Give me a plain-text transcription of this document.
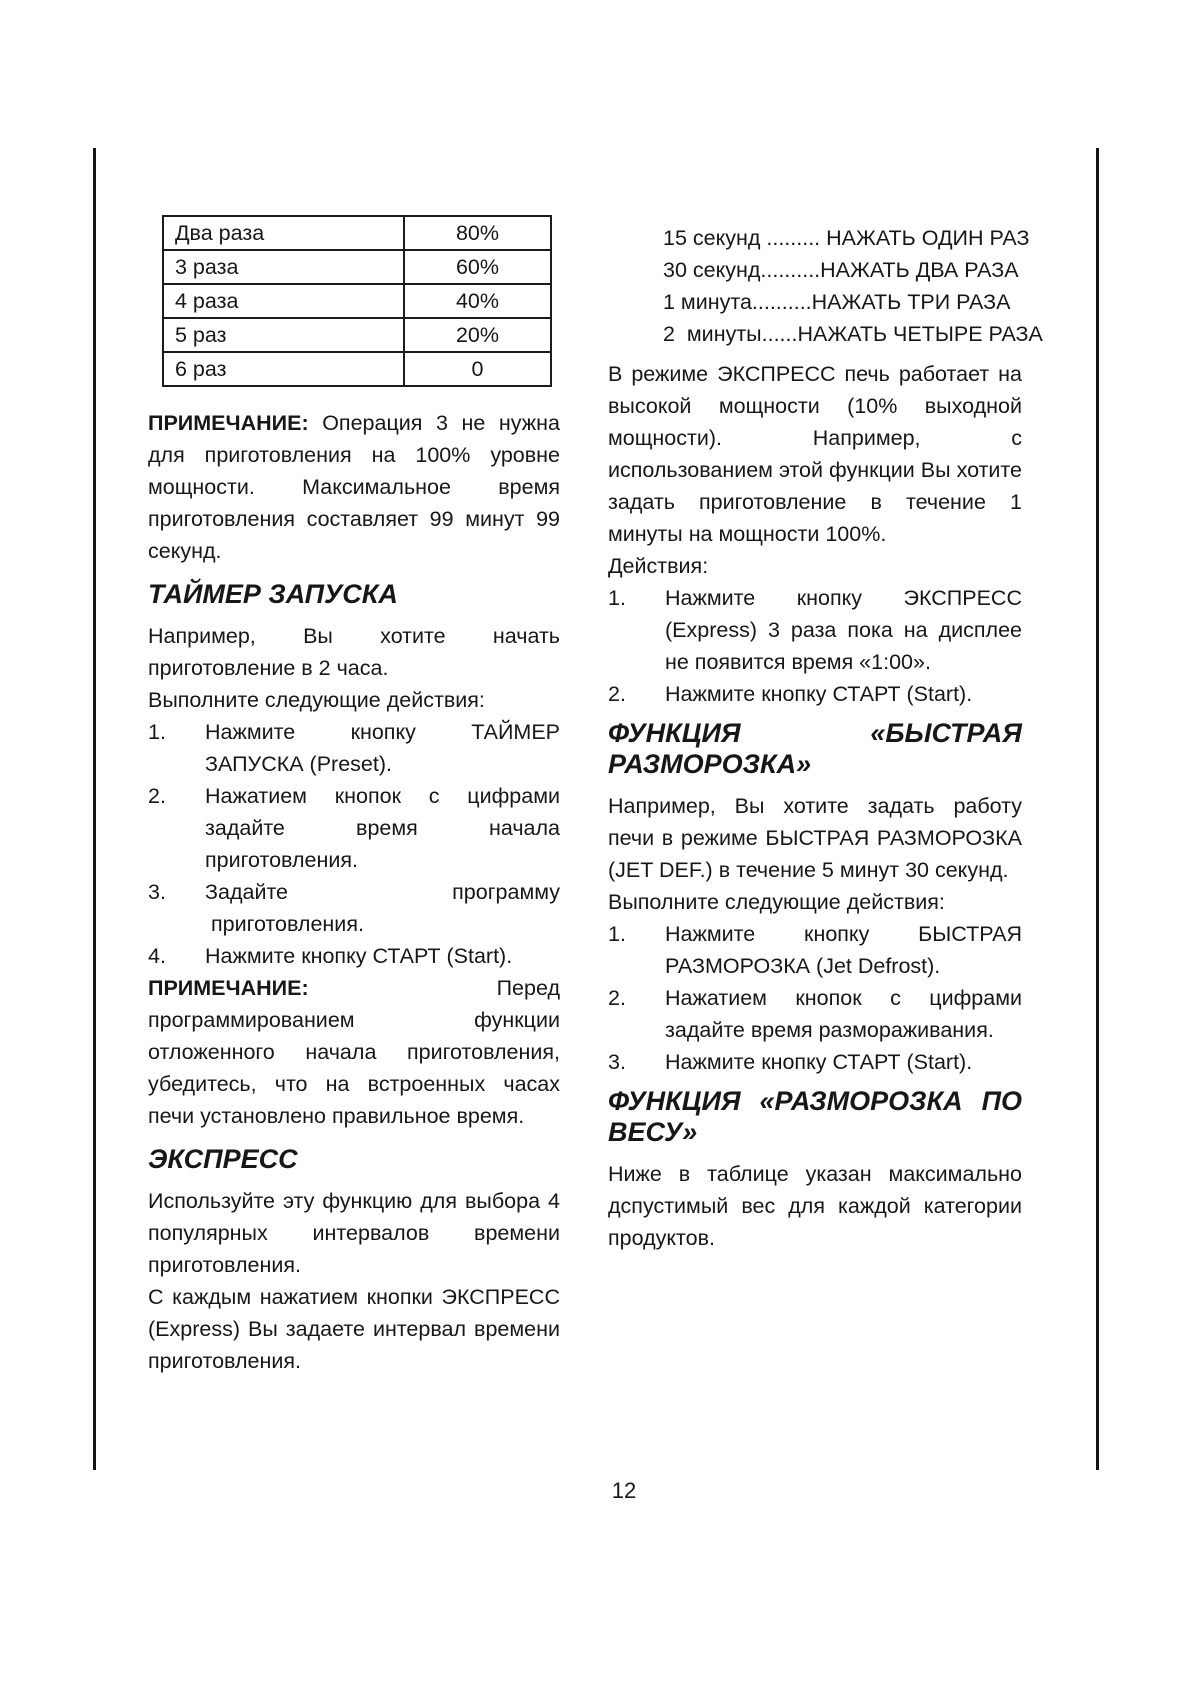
Два раза	80%
3 раза	60%
4 раза	40%
5 раз	20%
6 раз	0

ПРИМЕЧАНИЕ: Операция 3 не нужна для приготовления на 100% уровне мощности. Максимальное время приготовления составляет 99 минут 99 секунд.

ТАЙМЕР ЗАПУСКА

Например, Вы хотите начать приготовление в 2 часа.

Выполните следующие действия:

1. Нажмите кнопку ТАЙМЕР ЗАПУСКА (Preset).
2. Нажатием кнопок с цифрами задайте время начала приготовления.
3. Задайте программу  приготовления.
4. Нажмите кнопку СТАРТ (Start).

ПРИМЕЧАНИЕ:	Перед программированием функции отложенного начала приготовления, убедитесь, что на встроенных часах печи установлено правильное время.

ЭКСПРЕСС

Используйте эту функцию для выбора 4 популярных интервалов времени приготовления.

С каждым нажатием кнопки ЭКСПРЕСС (Express) Вы задаете интервал времени приготовления.

15 секунд ......... НАЖАТЬ ОДИН РАЗ
30 секунд..........НАЖАТЬ ДВА РАЗА
1 минута..........НАЖАТЬ ТРИ РАЗА
2  минуты......НАЖАТЬ ЧЕТЫРЕ РАЗА

В режиме ЭКСПРЕСС печь работает на высокой мощности (10% выходной мощности). Например, с использованием этой функции Вы хотите задать приготовление в течение 1 минуты на мощности 100%.

Действия:

1. Нажмите кнопку ЭКСПРЕСС (Express) 3 раза пока на дисплее не появится время «1:00».
2. Нажмите кнопку СТАРТ (Start).
ФУНКЦИЯ «БЫСТРАЯ
РАЗМОРОЗКА»

Например, Вы хотите задать работу печи в режиме БЫСТРАЯ РАЗМОРОЗКА (JET DEF.) в течение 5 минут 30 секунд.

Выполните следующие действия:

1. Нажмите кнопку БЫСТРАЯ РАЗМОРОЗКА (Jet Defrost).
2. Нажатием кнопок с цифрами задайте время размораживания.
3. Нажмите кнопку СТАРТ (Start).
ФУНКЦИЯ «РАЗМОРОЗКА ПО
ВЕСУ»

Ниже в таблице указан максимально дспустимый вес для каждой категории продуктов.

12
